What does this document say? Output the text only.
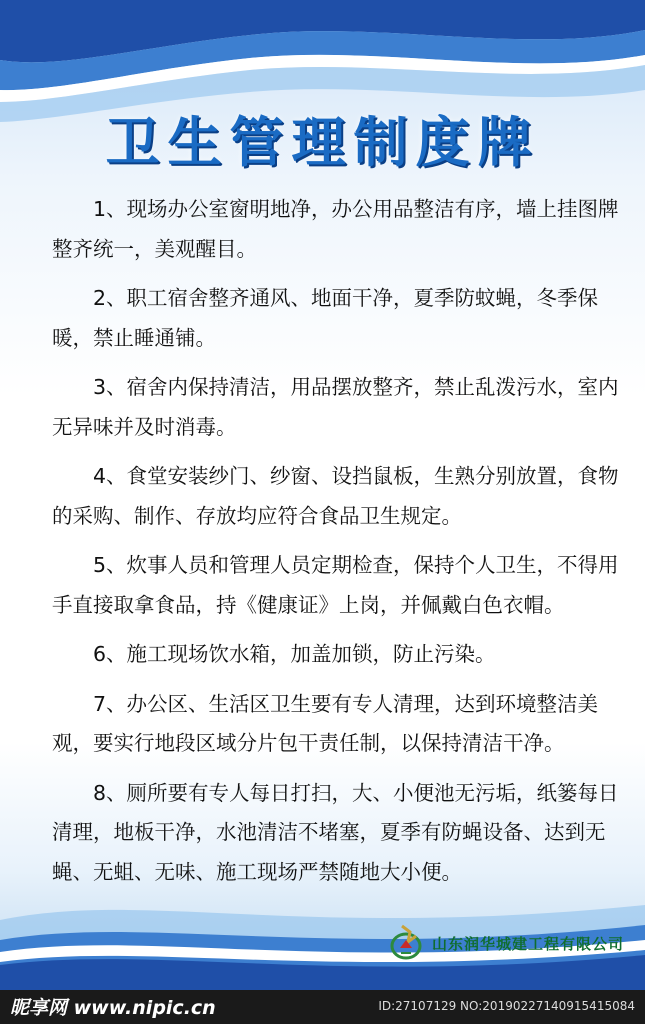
卫生管理制度牌

1、现场办公室窗明地净，办公用品整洁有序，墙上挂图牌整齐统一，美观醒目。

2、职工宿舍整齐通风、地面干净，夏季防蚊蝇，冬季保暖，禁止睡通铺。

3、宿舍内保持清洁，用品摆放整齐，禁止乱泼污水，室内无异味并及时消毒。

4、食堂安装纱门、纱窗、设挡鼠板，生熟分别放置，食物的采购、制作、存放均应符合食品卫生规定。

5、炊事人员和管理人员定期检查，保持个人卫生，不得用手直接取拿食品，持《健康证》上岗，并佩戴白色衣帽。

6、施工现场饮水箱，加盖加锁，防止污染。

7、办公区、生活区卫生要有专人清理，达到环境整洁美观，要实行地段区域分片包干责任制，以保持清洁干净。

8、厕所要有专人每日打扫，大、小便池无污垢，纸篓每日清理，地板干净，水池清洁不堵塞，夏季有防蝇设备、达到无蝇、无蛆、无味、施工现场严禁随地大小便。

山东润华城建工程有限公司
昵享网 www.nipic.cn	ID:27107129 NO:20190227140915415084
